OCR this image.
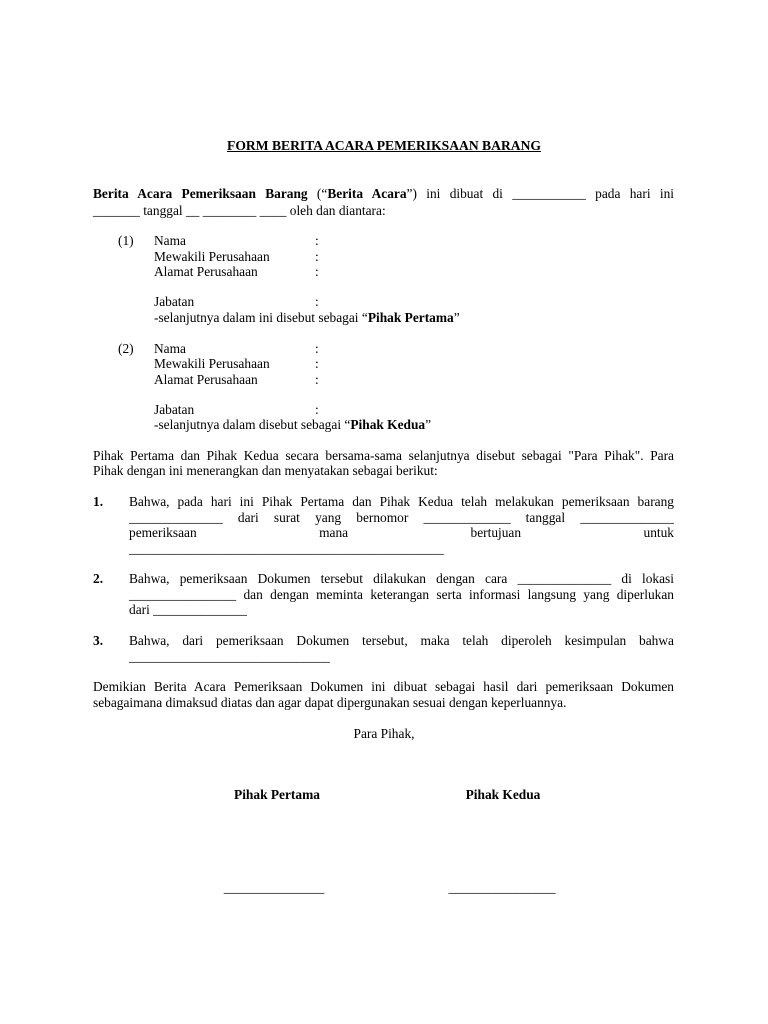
FORM BERITA ACARA PEMERIKSAAN BARANG
Berita Acara Pemeriksaan Barang (“Berita Acara”) ini dibuat di ___________ pada hari ini
_______ tanggal __ ________ ____ oleh dan diantara:
(1) Nama	:
Mewakili Perusahaan	:
Alamat Perusahaan	:
Jabatan	:
-selanjutnya dalam ini disebut sebagai “Pihak Pertama”
(2) Nama	:
Mewakili Perusahaan	:
Alamat Perusahaan	:
Jabatan	:
-selanjutnya dalam disebut sebagai “Pihak Kedua”
Pihak Pertama dan Pihak Kedua secara bersama-sama selanjutnya disebut sebagai "Para Pihak". Para
Pihak dengan ini menerangkan dan menyatakan sebagai berikut:
1. Bahwa, pada hari ini Pihak Pertama dan Pihak Kedua telah melakukan pemeriksaan barang
______________ dari surat yang bernomor _____________ tanggal ______________
pemeriksaan mana bertujuan untuk
_______________________________________________
2. Bahwa, pemeriksaan Dokumen tersebut dilakukan dengan cara ______________ di lokasi
________________ dan dengan meminta keterangan serta informasi langsung yang diperlukan
dari ______________
3. Bahwa, dari pemeriksaan Dokumen tersebut, maka telah diperoleh kesimpulan bahwa
______________________________
Demikian Berita Acara Pemeriksaan Dokumen ini dibuat sebagai hasil dari pemeriksaan Dokumen
sebagaimana dimaksud diatas dan agar dapat dipergunakan sesuai dengan keperluannya.
Para Pihak,
Pihak Pertama	Pihak Kedua
_______________	________________
